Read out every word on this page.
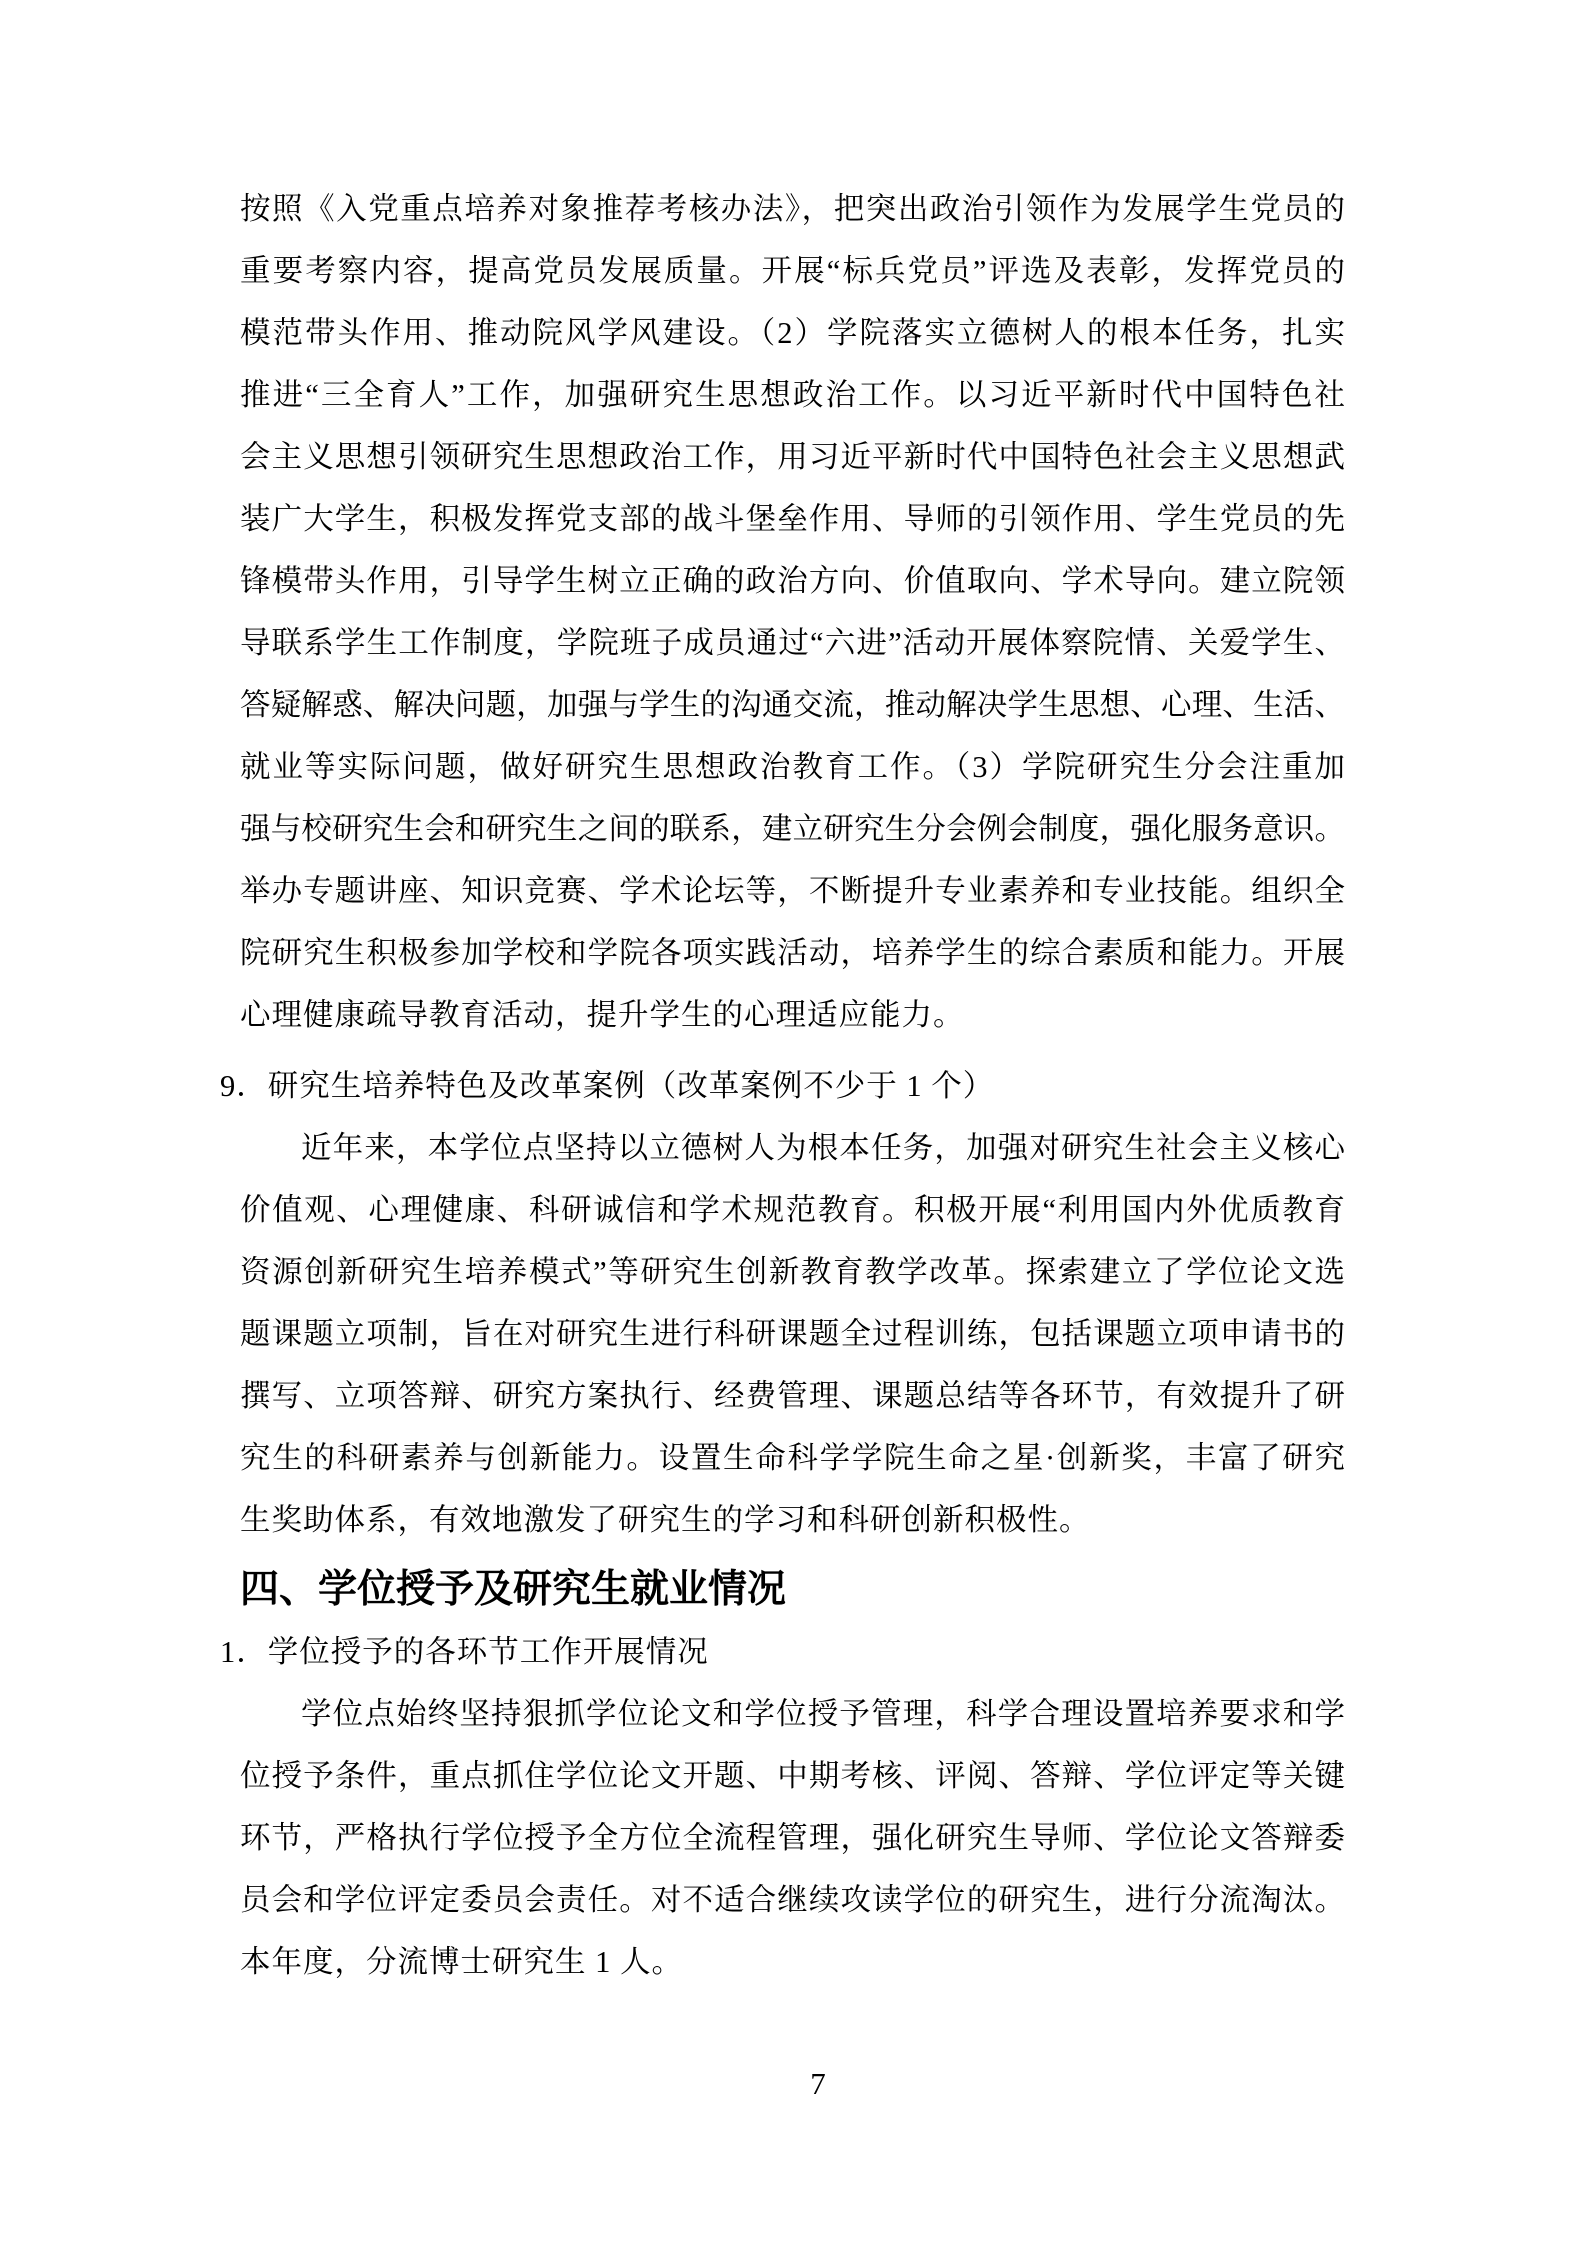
按照《入党重点培养对象推荐考核办法》，把突出政治引领作为发展学生党员的
重要考察内容，提高党员发展质量。开展“标兵党员”评选及表彰，发挥党员的
模范带头作用、推动院风学风建设。（2）学院落实立德树人的根本任务，扎实
推进“三全育人”工作，加强研究生思想政治工作。以习近平新时代中国特色社
会主义思想引领研究生思想政治工作，用习近平新时代中国特色社会主义思想武
装广大学生，积极发挥党支部的战斗堡垒作用、导师的引领作用、学生党员的先
锋模带头作用，引导学生树立正确的政治方向、价值取向、学术导向。建立院领
导联系学生工作制度，学院班子成员通过“六进”活动开展体察院情、关爱学生、
答疑解惑、解决问题，加强与学生的沟通交流，推动解决学生思想、心理、生活、
就业等实际问题，做好研究生思想政治教育工作。（3）学院研究生分会注重加
强与校研究生会和研究生之间的联系，建立研究生分会例会制度，强化服务意识。
举办专题讲座、知识竞赛、学术论坛等，不断提升专业素养和专业技能。组织全
院研究生积极参加学校和学院各项实践活动，培养学生的综合素质和能力。开展
心理健康疏导教育活动，提升学生的心理适应能力。
9．研究生培养特色及改革案例（改革案例不少于 1 个）
近年来，本学位点坚持以立德树人为根本任务，加强对研究生社会主义核心
价值观、心理健康、科研诚信和学术规范教育。积极开展“利用国内外优质教育
资源创新研究生培养模式”等研究生创新教育教学改革。探索建立了学位论文选
题课题立项制，旨在对研究生进行科研课题全过程训练，包括课题立项申请书的
撰写、立项答辩、研究方案执行、经费管理、课题总结等各环节，有效提升了研
究生的科研素养与创新能力。设置生命科学学院生命之星·创新奖，丰富了研究
生奖助体系，有效地激发了研究生的学习和科研创新积极性。
四、学位授予及研究生就业情况
1．学位授予的各环节工作开展情况
学位点始终坚持狠抓学位论文和学位授予管理，科学合理设置培养要求和学
位授予条件，重点抓住学位论文开题、中期考核、评阅、答辩、学位评定等关键
环节，严格执行学位授予全方位全流程管理，强化研究生导师、学位论文答辩委
员会和学位评定委员会责任。对不适合继续攻读学位的研究生，进行分流淘汰。
本年度，分流博士研究生 1 人。
7
